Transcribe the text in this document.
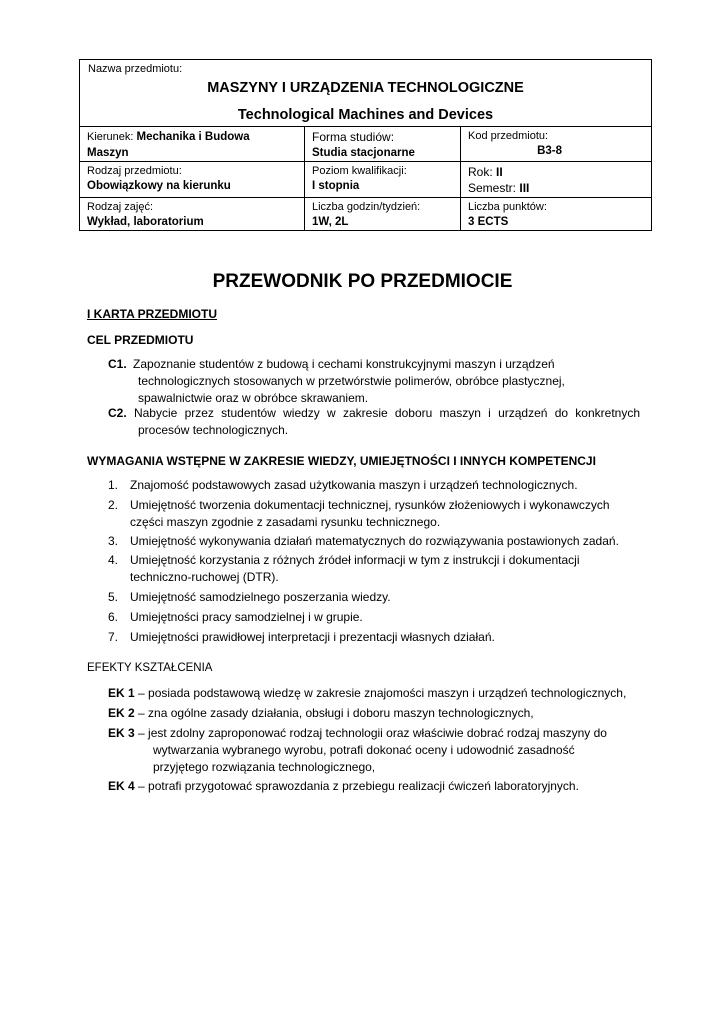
Nazwa przedmiotu:
MASZYNY I URZĄDZENIA TECHNOLOGICZNE
Technological Machines and Devices
Kierunek: Mechanika i Budowa
Maszyn
Forma studiów:
Studia stacjonarne
Kod przedmiotu:
B3-8
Rodzaj przedmiotu:
Obowiązkowy na kierunku
Poziom kwalifikacji:
I stopnia
Rok: II
Semestr: III
Rodzaj zajęć:
Wykład, laboratorium
Liczba godzin/tydzień:
1W, 2L
Liczba punktów:
3 ECTS
PRZEWODNIK PO PRZEDMIOCIE
I KARTA PRZEDMIOTU
CEL PRZEDMIOTU
C1. Zapoznanie studentów z budową i cechami konstrukcyjnymi maszyn i urządzeń
technologicznych stosowanych w przetwórstwie polimerów, obróbce plastycznej,
spawalnictwie oraz w obróbce skrawaniem.
C2. Nabycie przez studentów wiedzy w zakresie doboru maszyn i urządzeń do konkretnych
procesów technologicznych.
WYMAGANIA WSTĘPNE W ZAKRESIE WIEDZY, UMIEJĘTNOŚCI I INNYCH KOMPETENCJI
1. Znajomość podstawowych zasad użytkowania maszyn i urządzeń technologicznych.
2. Umiejętność tworzenia dokumentacji technicznej, rysunków złożeniowych i wykonawczych
części maszyn zgodnie z zasadami rysunku technicznego.
3. Umiejętność wykonywania działań matematycznych do rozwiązywania postawionych zadań.
4. Umiejętność korzystania z różnych źródeł informacji w tym z instrukcji i dokumentacji
techniczno-ruchowej (DTR).
5. Umiejętność samodzielnego poszerzania wiedzy.
6. Umiejętności pracy samodzielnej i w grupie.
7. Umiejętności prawidłowej interpretacji i prezentacji własnych działań.
EFEKTY KSZTAŁCENIA
EK 1 – posiada podstawową wiedzę w zakresie znajomości maszyn i urządzeń technologicznych,
EK 2 – zna ogólne zasady działania, obsługi i doboru maszyn technologicznych,
EK 3 – jest zdolny zaproponować rodzaj technologii oraz właściwie dobrać rodzaj maszyny do
wytwarzania wybranego wyrobu, potrafi dokonać oceny i udowodnić zasadność
przyjętego rozwiązania technologicznego,
EK 4 – potrafi przygotować sprawozdania z przebiegu realizacji ćwiczeń laboratoryjnych.
